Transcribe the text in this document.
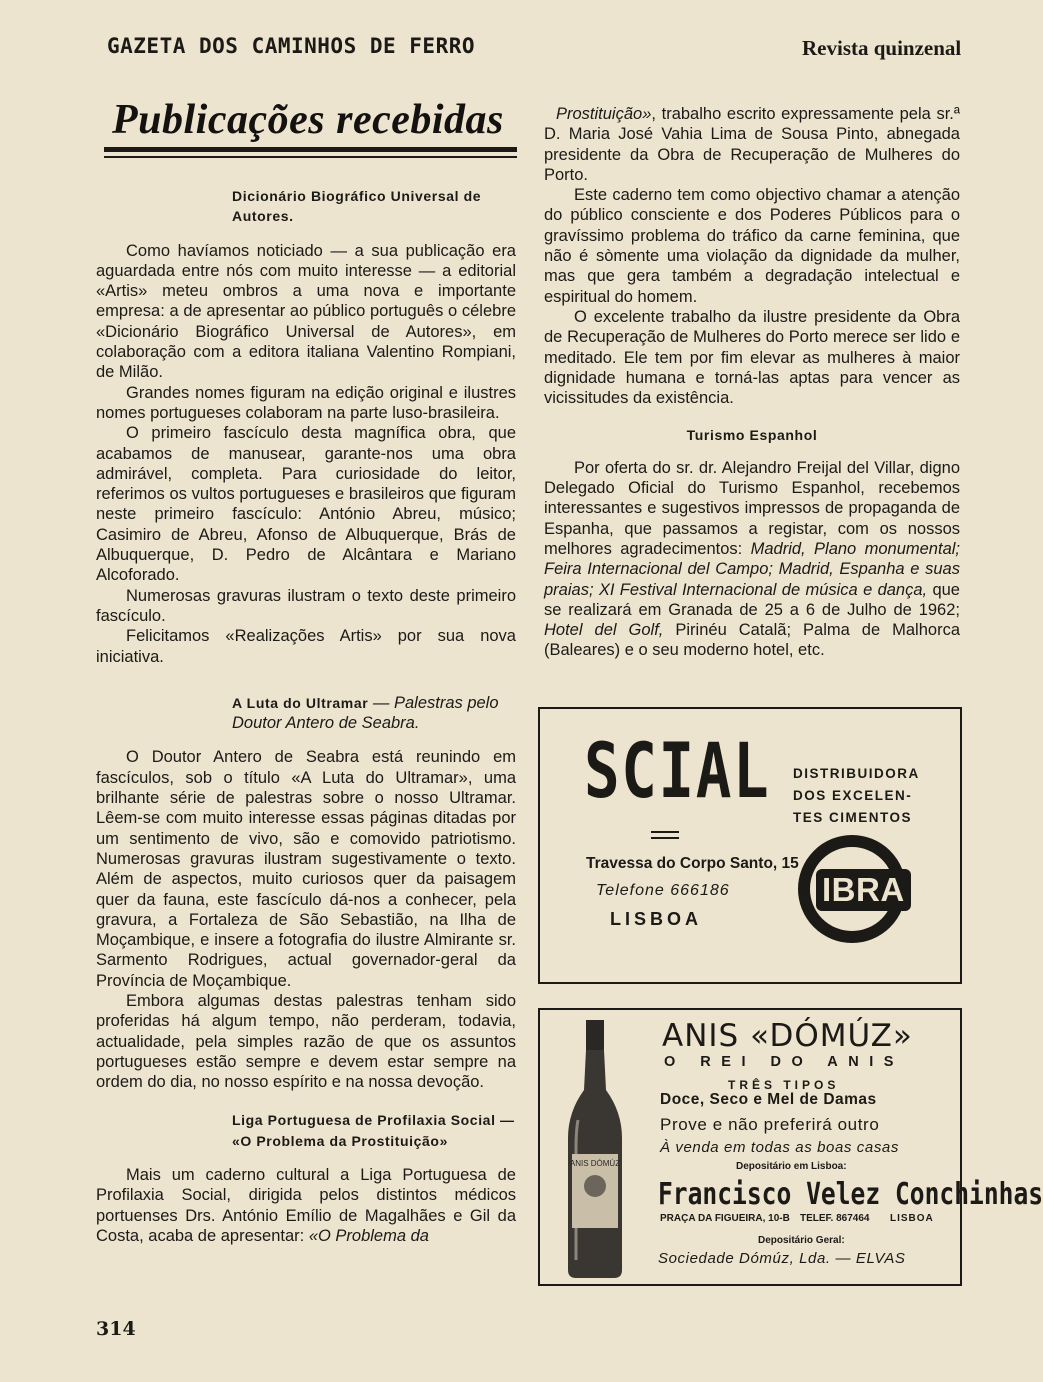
GAZETA DOS CAMINHOS DE FERRO	Revista quinzenal
Publicações recebidas
Dicionário Biográfico Universal de
Autores.

Como havíamos noticiado — a sua publicação era aguardada entre nós com muito interesse — a editorial «Artis» meteu ombros a uma nova e importante empresa: a de apresentar ao público português o célebre «Dicionário Biográfico Universal de Autores», em colaboração com a editora italiana Valentino Rompiani, de Milão.

Grandes nomes figuram na edição original e ilustres nomes portugueses colaboram na parte luso-brasileira.

O primeiro fascículo desta magnífica obra, que acabamos de manusear, garante-nos uma obra admirável, completa. Para curiosidade do leitor, referimos os vultos portugueses e brasileiros que figuram neste primeiro fascículo: António Abreu, músico; Casimiro de Abreu, Afonso de Albuquerque, Brás de Albuquerque, D. Pedro de Alcântara e Mariano Alcoforado.

Numerosas gravuras ilustram o texto deste primeiro fascículo.

Felicitamos «Realizações Artis» por sua nova iniciativa.

A Luta do Ultramar — Palestras pelo
Doutor Antero de Seabra.

O Doutor Antero de Seabra está reunindo em fascículos, sob o título «A Luta do Ultramar», uma brilhante série de palestras sobre o nosso Ultramar. Lêem-se com muito interesse essas páginas ditadas por um sentimento de vivo, são e comovido patriotismo. Numerosas gravuras ilustram sugestivamente o texto. Além de aspectos, muito curiosos quer da paisagem quer da fauna, este fascículo dá-nos a conhecer, pela gravura, a Fortaleza de São Sebastião, na Ilha de Moçambique, e insere a fotografia do ilustre Almirante sr. Sarmento Rodrigues, actual governador-geral da Província de Moçambique.

Embora algumas destas palestras tenham sido proferidas há algum tempo, não perderam, todavia, actualidade, pela simples razão de que os assuntos portugueses estão sempre e devem estar sempre na ordem do dia, no nosso espírito e na nossa devoção.

Liga Portuguesa de Profilaxia Social —
«O Problema da Prostituição»

Mais um caderno cultural a Liga Portuguesa de Profilaxia Social, dirigida pelos distintos médicos portuenses Drs. António Emílio de Magalhães e Gil da Costa, acaba de apresentar: «O Problema da

Prostituição», trabalho escrito expressamente pela sr.ª D. Maria José Vahia Lima de Sousa Pinto, abnegada presidente da Obra de Recuperação de Mulheres do Porto.

Este caderno tem como objectivo chamar a atenção do público consciente e dos Poderes Públicos para o gravíssimo problema do tráfico da carne feminina, que não é sòmente uma violação da dignidade da mulher, mas que gera também a degradação intelectual e espiritual do homem.

O excelente trabalho da ilustre presidente da Obra de Recuperação de Mulheres do Porto merece ser lido e meditado. Ele tem por fim elevar as mulheres à maior dignidade humana e torná-las aptas para vencer as vicissitudes da existência.

Turismo Espanhol

Por oferta do sr. dr. Alejandro Freijal del Villar, digno Delegado Oficial do Turismo Espanhol, recebemos interessantes e sugestivos impressos de propaganda de Espanha, que passamos a registar, com os nossos melhores agradecimentos: Madrid, Plano monumental; Feira Internacional del Campo; Madrid, Espanha e suas praias; XI Festival Internacional de música e dança, que se realizará em Granada de 25 a 6 de Julho de 1962; Hotel del Golf, Pirinéu Catalã; Palma de Malhorca (Baleares) e o seu moderno hotel, etc.

SCIAL
Travessa do Corpo Santo, 15
Telefone 666186
LISBOA
DISTRIBUIDORA
DOS EXCELEN-
TES CIMENTOS
IBRA
ANIS DÓMÚZ
ANIS «DÓMÚZ»
O REI DO ANIS
TRÊS TIPOS
Doce, Seco e Mel de Damas
Prove e não preferirá outro
À venda em todas as boas casas
Depositário em Lisboa:
Francisco Velez Conchinhas
PRAÇA DA FIGUEIRA, 10-B TELEF. 867464 LISBOA
Depositário Geral:
Sociedade Dómúz, Lda. — ELVAS
314
